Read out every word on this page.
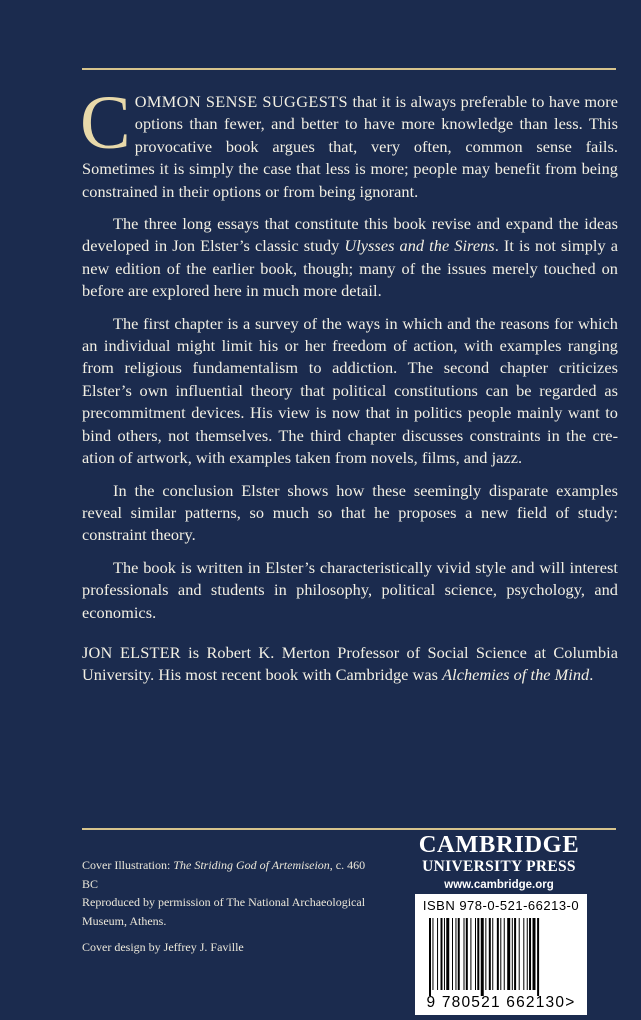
COMMON SENSE SUGGESTS that it is always preferable to have more options than fewer, and better to have more knowledge than less. This provocative book argues that, very often, common sense fails. Sometimes it is simply the case that less is more; people may benefit from being constrained in their options or from being ignorant.

The three long essays that constitute this book revise and expand the ideas developed in Jon Elster’s classic study Ulysses and the Sirens. It is not simply a new edition of the earlier book, though; many of the issues merely touched on before are explored here in much more detail.

The first chapter is a survey of the ways in which and the reasons for which an individual might limit his or her freedom of action, with examples ranging from religious fundamentalism to addiction. The second chapter criticizes Elster’s own influential theory that political constitutions can be regarded as precommitment devices. His view is now that in politics people mainly want to bind others, not themselves. The third chapter discusses constraints in the creation of artwork, with examples taken from novels, films, and jazz.

In the conclusion Elster shows how these seemingly disparate examples reveal similar patterns, so much so that he proposes a new field of study: constraint theory.

The book is written in Elster’s characteristically vivid style and will interest professionals and students in philosophy, political science, psychology, and economics.

JON ELSTER is Robert K. Merton Professor of Social Science at Columbia University. His most recent book with Cambridge was Alchemies of the Mind.

Cover Illustration: The Striding God of Artemiseion, c. 460 BC

Reproduced by permission of The National Archaeological Museum, Athens.

Cover design by Jeffrey J. Faville

CAMBRIDGE
UNIVERSITY PRESS
www.cambridge.org
ISBN 978-0-521-66213-0
9 780521 662130>
